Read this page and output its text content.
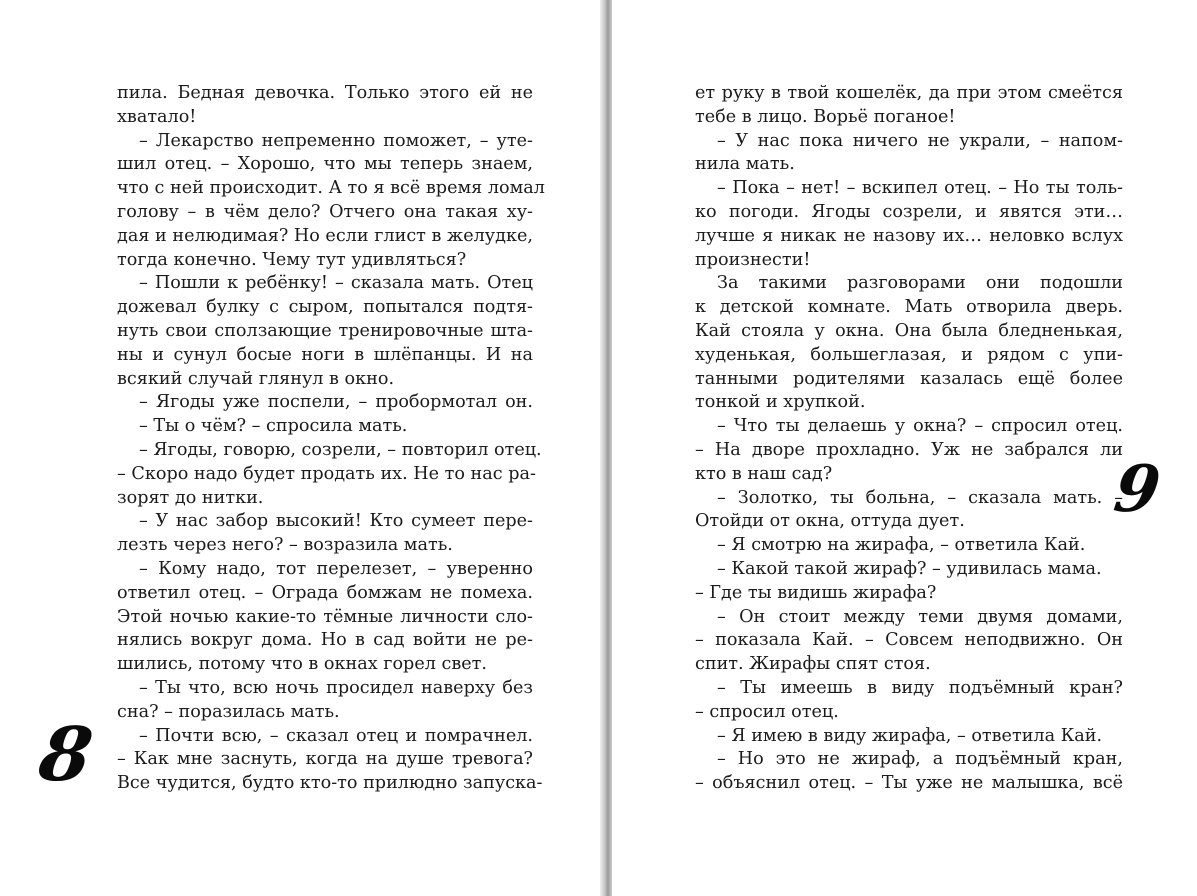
пила. Бедная девочка. Только этого ей не
хватало!
– Лекарство непременно поможет, – уте-
шил отец. – Хорошо, что мы теперь знаем,
что с ней происходит. А то я всё время ломал
голову – в чём дело? Отчего она такая ху-
дая и нелюдимая? Но если глист в желудке,
тогда конечно. Чему тут удивляться?
– Пошли к ребёнку! – сказала мать. Отец
дожевал булку с сыром, попытался подтя-
нуть свои сползающие тренировочные шта-
ны и сунул босые ноги в шлёпанцы. И на
всякий случай глянул в окно.
– Ягоды уже поспели, – пробормотал он.
– Ты о чём? – спросила мать.
– Ягоды, говорю, созрели, – повторил отец.
– Скоро надо будет продать их. Не то нас ра-
зорят до нитки.
– У нас забор высокий! Кто сумеет пере-
лезть через него? – возразила мать.
– Кому надо, тот перелезет, – уверенно
ответил отец. – Ограда бомжам не помеха.
Этой ночью какие-то тёмные личности сло-
нялись вокруг дома. Но в сад войти не ре-
шились, потому что в окнах горел свет.
– Ты что, всю ночь просидел наверху без
сна? – поразилась мать.
– Почти всю, – сказал отец и помрачнел.
– Как мне заснуть, когда на душе тревога?
Все чудится, будто кто-то прилюдно запуска-
8
ет руку в твой кошелёк, да при этом смеётся
тебе в лицо. Ворьё поганое!
– У нас пока ничего не украли, – напом-
нила мать.
– Пока – нет! – вскипел отец. – Но ты толь-
ко погоди. Ягоды созрели, и явятся эти…
лучше я никак не назову их… неловко вслух
произнести!
За такими разговорами они подошли
к детской комнате. Мать отворила дверь.
Кай стояла у окна. Она была бледненькая,
худенькая, большеглазая, и рядом с упи-
танными родителями казалась ещё более
тонкой и хрупкой.
– Что ты делаешь у окна? – спросил отец.
– На дворе прохладно. Уж не забрался ли
кто в наш сад?
– Золотко, ты больна, – сказала мать. –
Отойди от окна, оттуда дует.
– Я смотрю на жирафа, – ответила Кай.
– Какой такой жираф? – удивилась мама.
– Где ты видишь жирафа?
– Он стоит между теми двумя домами,
– показала Кай. – Совсем неподвижно. Он
спит. Жирафы спят стоя.
– Ты имеешь в виду подъёмный кран?
– спросил отец.
– Я имею в виду жирафа, – ответила Кай.
– Но это не жираф, а подъёмный кран,
– объяснил отец. – Ты уже не малышка, всё
9
